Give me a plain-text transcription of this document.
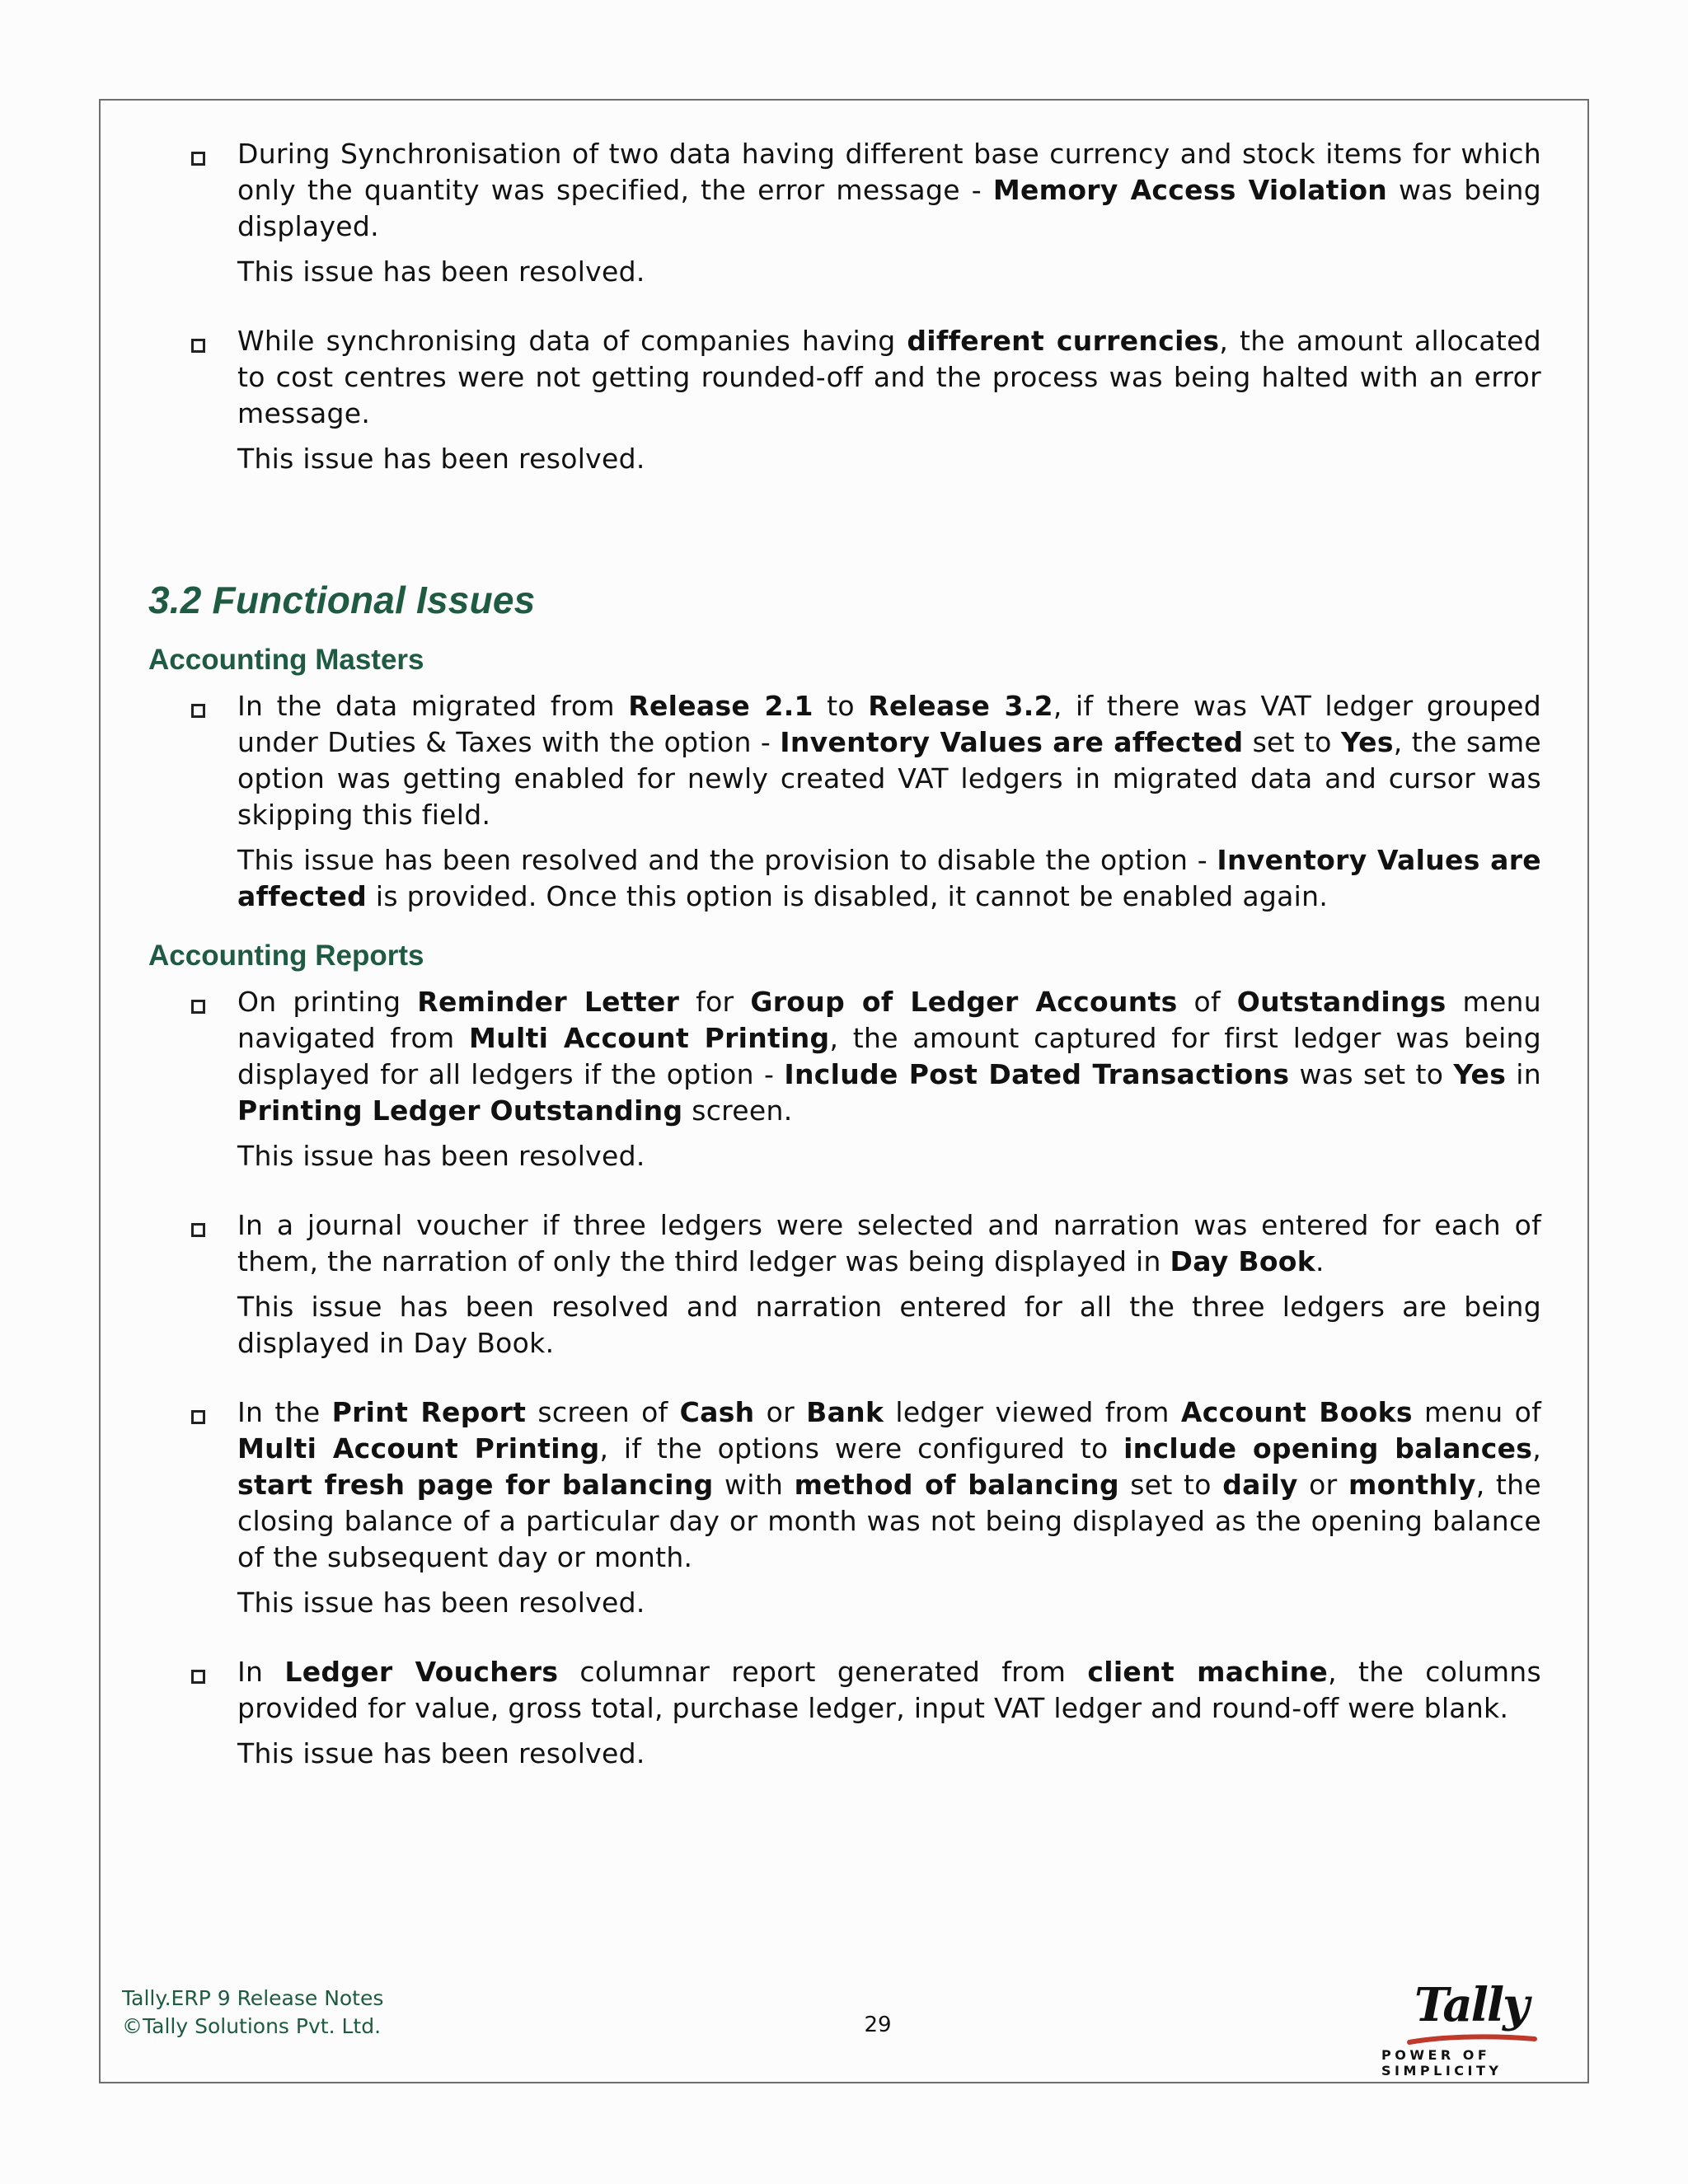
During Synchronisation of two data having different base currency and stock items for which only the quantity was specified, the error message - Memory Access Violation was being displayed.

This issue has been resolved.

While synchronising data of companies having different currencies, the amount allocated to cost centres were not getting rounded-off and the process was being halted with an error message.

This issue has been resolved.

3.2 Functional Issues
Accounting Masters

In the data migrated from Release 2.1 to Release 3.2, if there was VAT ledger grouped under Duties & Taxes with the option - Inventory Values are affected set to Yes, the same option was getting enabled for newly created VAT ledgers in migrated data and cursor was skipping this field.

This issue has been resolved and the provision to disable the option - Inventory Values are affected is provided. Once this option is disabled, it cannot be enabled again.

Accounting Reports

On printing Reminder Letter for Group of Ledger Accounts of Outstandings menu navigated from Multi Account Printing, the amount captured for first ledger was being displayed for all ledgers if the option - Include Post Dated Transactions was set to Yes in Printing Ledger Outstanding screen.

This issue has been resolved.

In a journal voucher if three ledgers were selected and narration was entered for each of them, the narration of only the third ledger was being displayed in Day Book.

This issue has been resolved and narration entered for all the three ledgers are being displayed in Day Book.

In the Print Report screen of Cash or Bank ledger viewed from Account Books menu of Multi Account Printing, if the options were configured to include opening balances, start fresh page for balancing with method of balancing set to daily or monthly, the closing balance of a particular day or month was not being displayed as the opening balance of the subsequent day or month.

This issue has been resolved.

In Ledger Vouchers columnar report generated from client machine, the columns provided for value, gross total, purchase ledger, input VAT ledger and round-off were blank.

This issue has been resolved.

Tally.ERP 9 Release Notes
©Tally Solutions Pvt. Ltd.	29	Tally
POWER OF SIMPLICITY
